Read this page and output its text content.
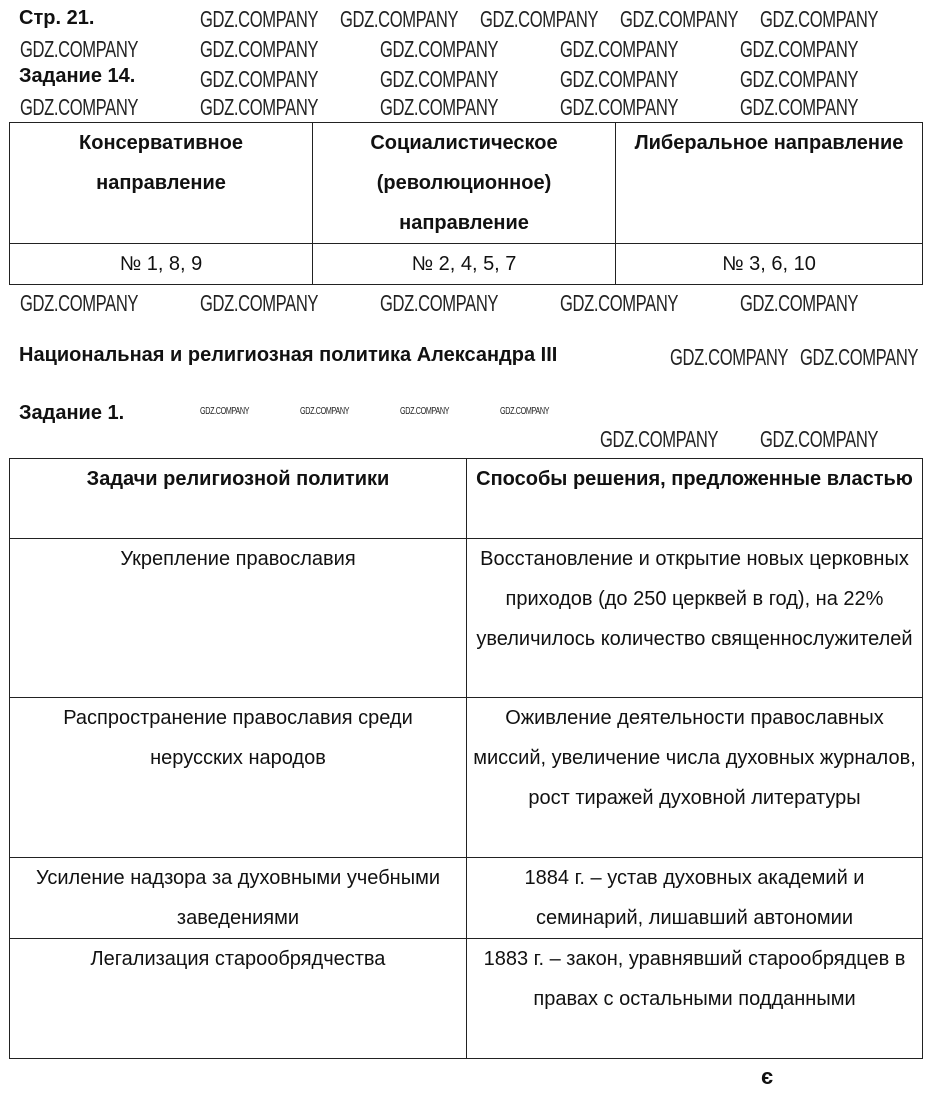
Стр. 21.
Задание 14.
Консервативное направление	Социалистическое (революционное) направление	Либеральное направление
№ 1, 8, 9	№ 2, 4, 5, 7	№ 3, 6, 10
Национальная и религиозная политика Александра III
Задание 1.
Задачи религиозной политики	Способы решения, предложенные властью
Укрепление православия	Восстановление и открытие новых церковных приходов (до 250 церквей в год), на 22% увеличилось количество священнослужителей
Распространение православия среди нерусских народов	Оживление деятельности православных миссий, увеличение числа духовных журналов, рост тиражей духовной литературы
Усиление надзора за духовными учебными заведениями	1884 г. – устав духовных академий и семинарий, лишавший автономии
Легализация старообрядчества	1883 г. – закон, уравнявший старообрядцев в правах с остальными подданными
GDZ.COMPANY GDZ.COMPANY GDZ.COMPANY GDZ.COMPANY GDZ.COMPANY
GDZ.COMPANY	GDZ.COMPANY	GDZ.COMPANY	GDZ.COMPANY	GDZ.COMPANY
GDZ.COMPANY	GDZ.COMPANY	GDZ.COMPANY	GDZ.COMPANY
GDZ.COMPANY	GDZ.COMPANY	GDZ.COMPANY	GDZ.COMPANY	GDZ.COMPANY
GDZ.COMPANY	GDZ.COMPANY	GDZ.COMPANY	GDZ.COMPANY	GDZ.COMPANY
GDZ.COMPANY GDZ.COMPANY
GDZ.COMPANY GDZ.COMPANY
GDZ.COMPANY	GDZ.COMPANY	GDZ.COMPANY	GDZ.COMPANY
є
